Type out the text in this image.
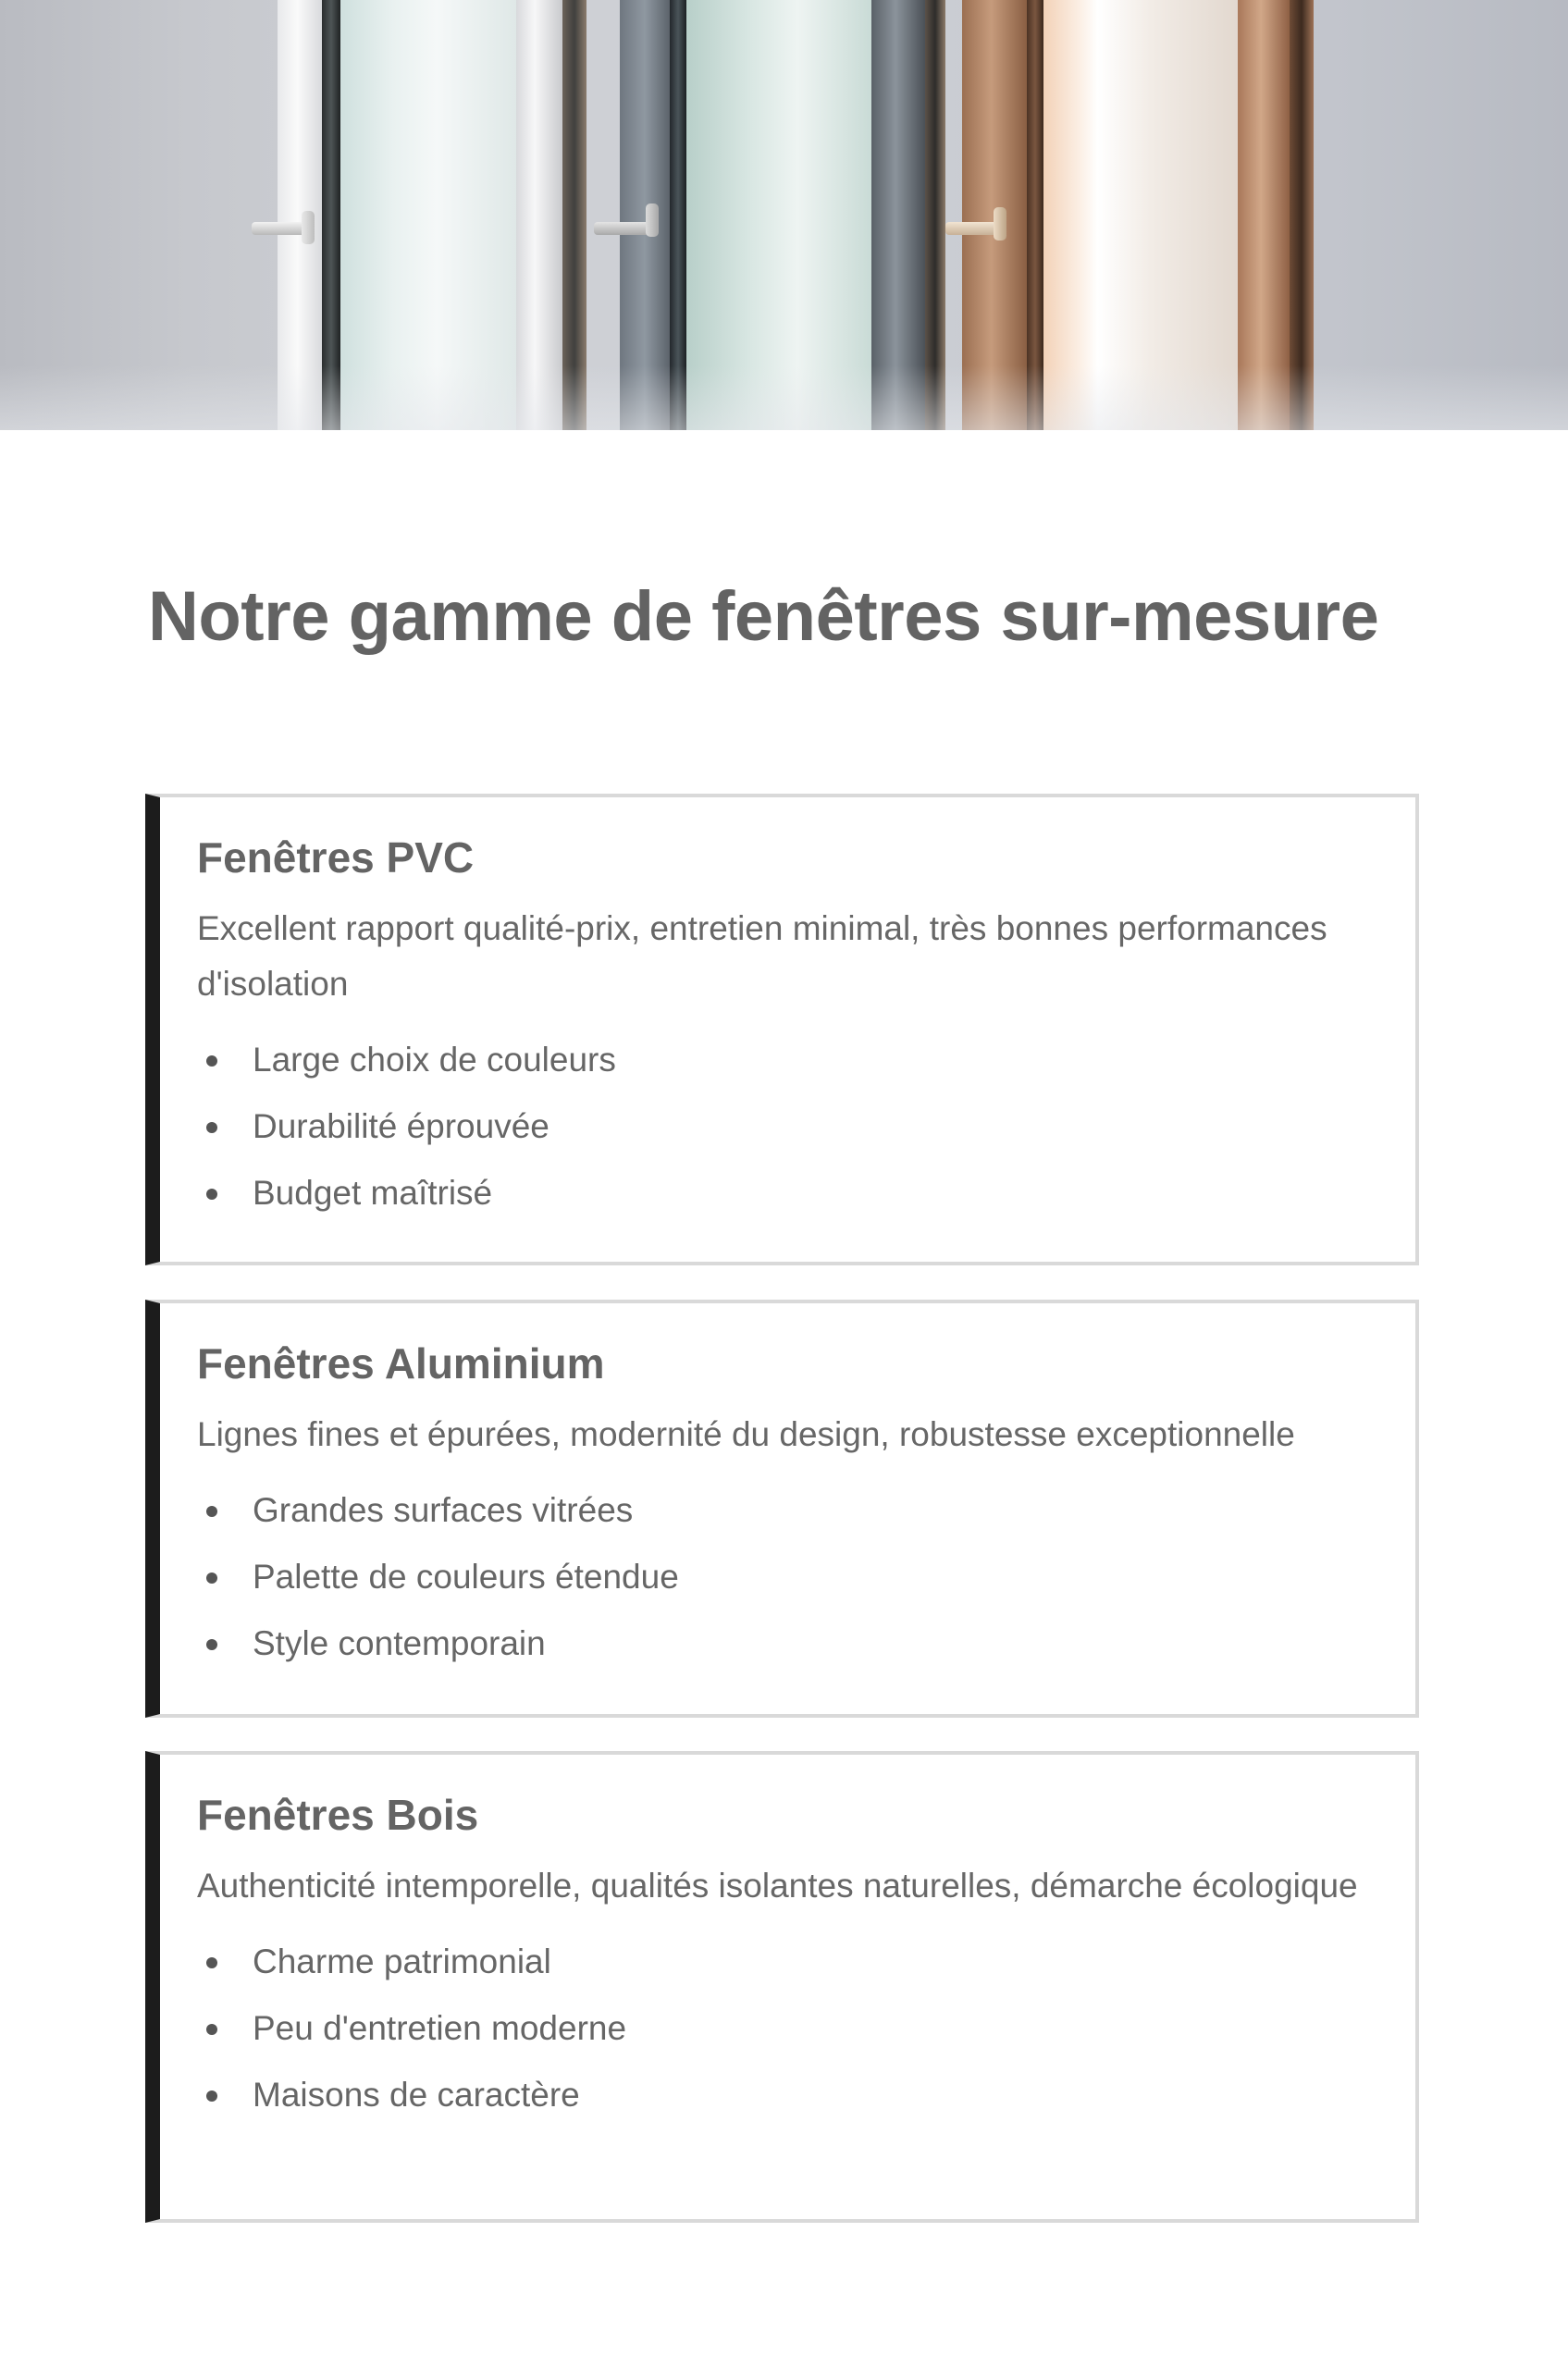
Notre gamme de fenêtres sur-mesure
Fenêtres PVC

Excellent rapport qualité-prix, entretien minimal, très bonnes performances d'isolation

Large choix de couleurs
Durabilité éprouvée
Budget maîtrisé
Fenêtres Aluminium

Lignes fines et épurées, modernité du design, robustesse exceptionnelle

Grandes surfaces vitrées
Palette de couleurs étendue
Style contemporain
Fenêtres Bois

Authenticité intemporelle, qualités isolantes naturelles, démarche écologique

Charme patrimonial
Peu d'entretien moderne
Maisons de caractère
